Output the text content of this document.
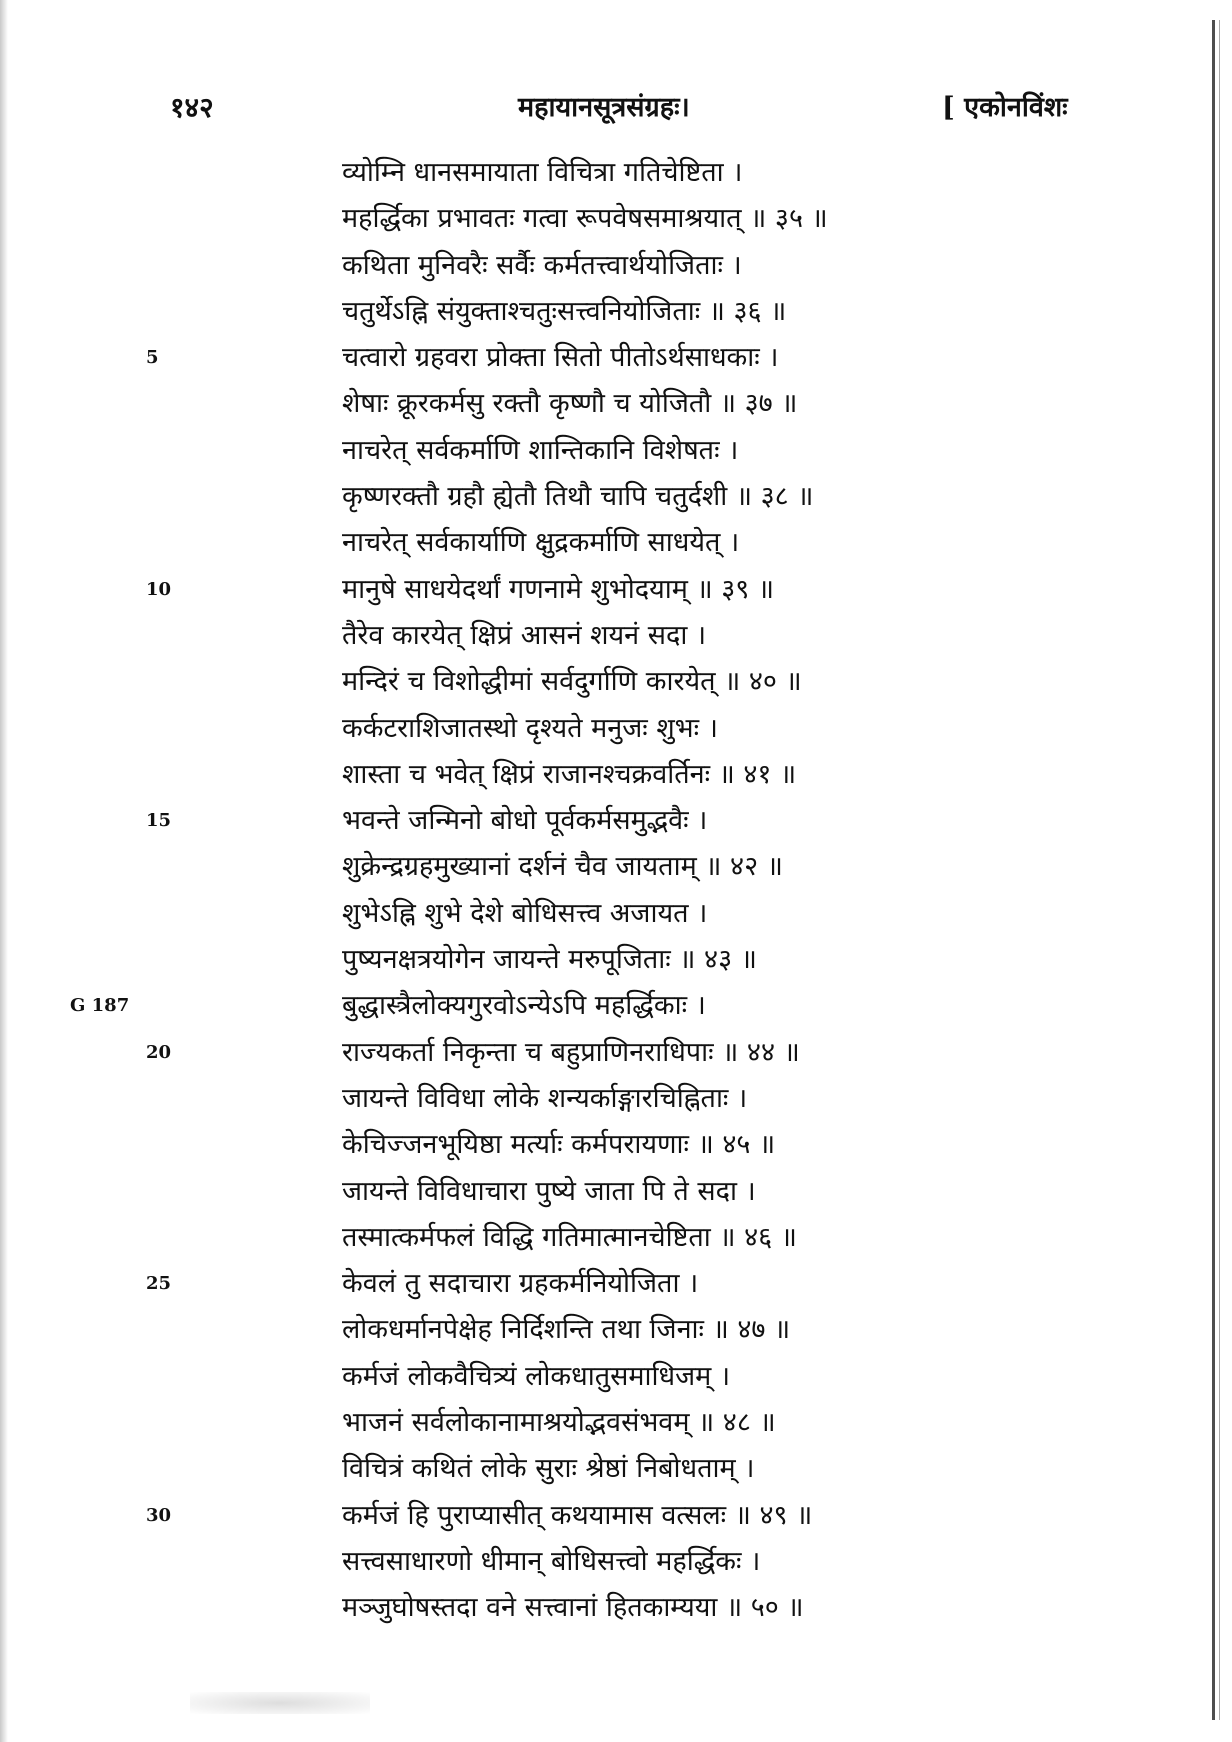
१४२	महायानसूत्रसंग्रहः।	[ एकोनविंशः
व्योम्नि धानसमायाता विचित्रा गतिचेष्टिता ।
महर्द्धिका प्रभावतः गत्वा रूपवेषसमाश्रयात् ॥ ३५ ॥
कथिता मुनिवरैः सर्वैः कर्मतत्त्वार्थयोजिताः ।
चतुर्थेऽह्नि संयुक्ताश्चतुःसत्त्वनियोजिताः ॥ ३६ ॥
5	चत्वारो ग्रहवरा प्रोक्ता सितो पीतोऽर्थसाधकाः ।
शेषाः क्रूरकर्मसु रक्तौ कृष्णौ च योजितौ ॥ ३७ ॥
नाचरेत् सर्वकर्माणि शान्तिकानि विशेषतः ।
कृष्णरक्तौ ग्रहौ ह्येतौ तिथौ चापि चतुर्दशी ॥ ३८ ॥
नाचरेत् सर्वकार्याणि क्षुद्रकर्माणि साधयेत् ।
10	मानुषे साधयेदर्थां गणनामे शुभोदयाम् ॥ ३९ ॥
तैरेव कारयेत् क्षिप्रं आसनं शयनं सदा ।
मन्दिरं च विशोद्धीमां सर्वदुर्गाणि कारयेत् ॥ ४० ॥
कर्कटराशिजातस्थो दृश्यते मनुजः शुभः ।
शास्ता च भवेत् क्षिप्रं राजानश्चक्रवर्तिनः ॥ ४१ ॥
15	भवन्ते जन्मिनो बोधो पूर्वकर्मसमुद्भवैः ।
शुक्रेन्द्रग्रहमुख्यानां दर्शनं चैव जायताम् ॥ ४२ ॥
शुभेऽह्नि शुभे देशे बोधिसत्त्व अजायत ।
पुष्यनक्षत्रयोगेन जायन्ते मरुपूजिताः ॥ ४३ ॥
G 187	बुद्धास्त्रैलोक्यगुरवोऽन्येऽपि महर्द्धिकाः ।
20	राज्यकर्ता निकृन्ता च बहुप्राणिनराधिपाः ॥ ४४ ॥
जायन्ते विविधा लोके शन्यर्काङ्गारचिह्निताः ।
केचिज्जनभूयिष्ठा मर्त्याः कर्मपरायणाः ॥ ४५ ॥
जायन्ते विविधाचारा पुष्ये जाता पि ते सदा ।
तस्मात्कर्मफलं विद्धि गतिमात्मानचेष्टिता ॥ ४६ ॥
25	केवलं तु सदाचारा ग्रहकर्मनियोजिता ।
लोकधर्मानपेक्षेह निर्दिशन्ति तथा जिनाः ॥ ४७ ॥
कर्मजं लोकवैचित्र्यं लोकधातुसमाधिजम् ।
भाजनं सर्वलोकानामाश्रयोद्भवसंभवम् ॥ ४८ ॥
विचित्रं कथितं लोके सुराः श्रेष्ठां निबोधताम् ।
30	कर्मजं हि पुराप्यासीत् कथयामास वत्सलः ॥ ४९ ॥
सत्त्वसाधारणो धीमान् बोधिसत्त्वो महर्द्धिकः ।
मञ्जुघोषस्तदा वने सत्त्वानां हितकाम्यया ॥ ५० ॥
